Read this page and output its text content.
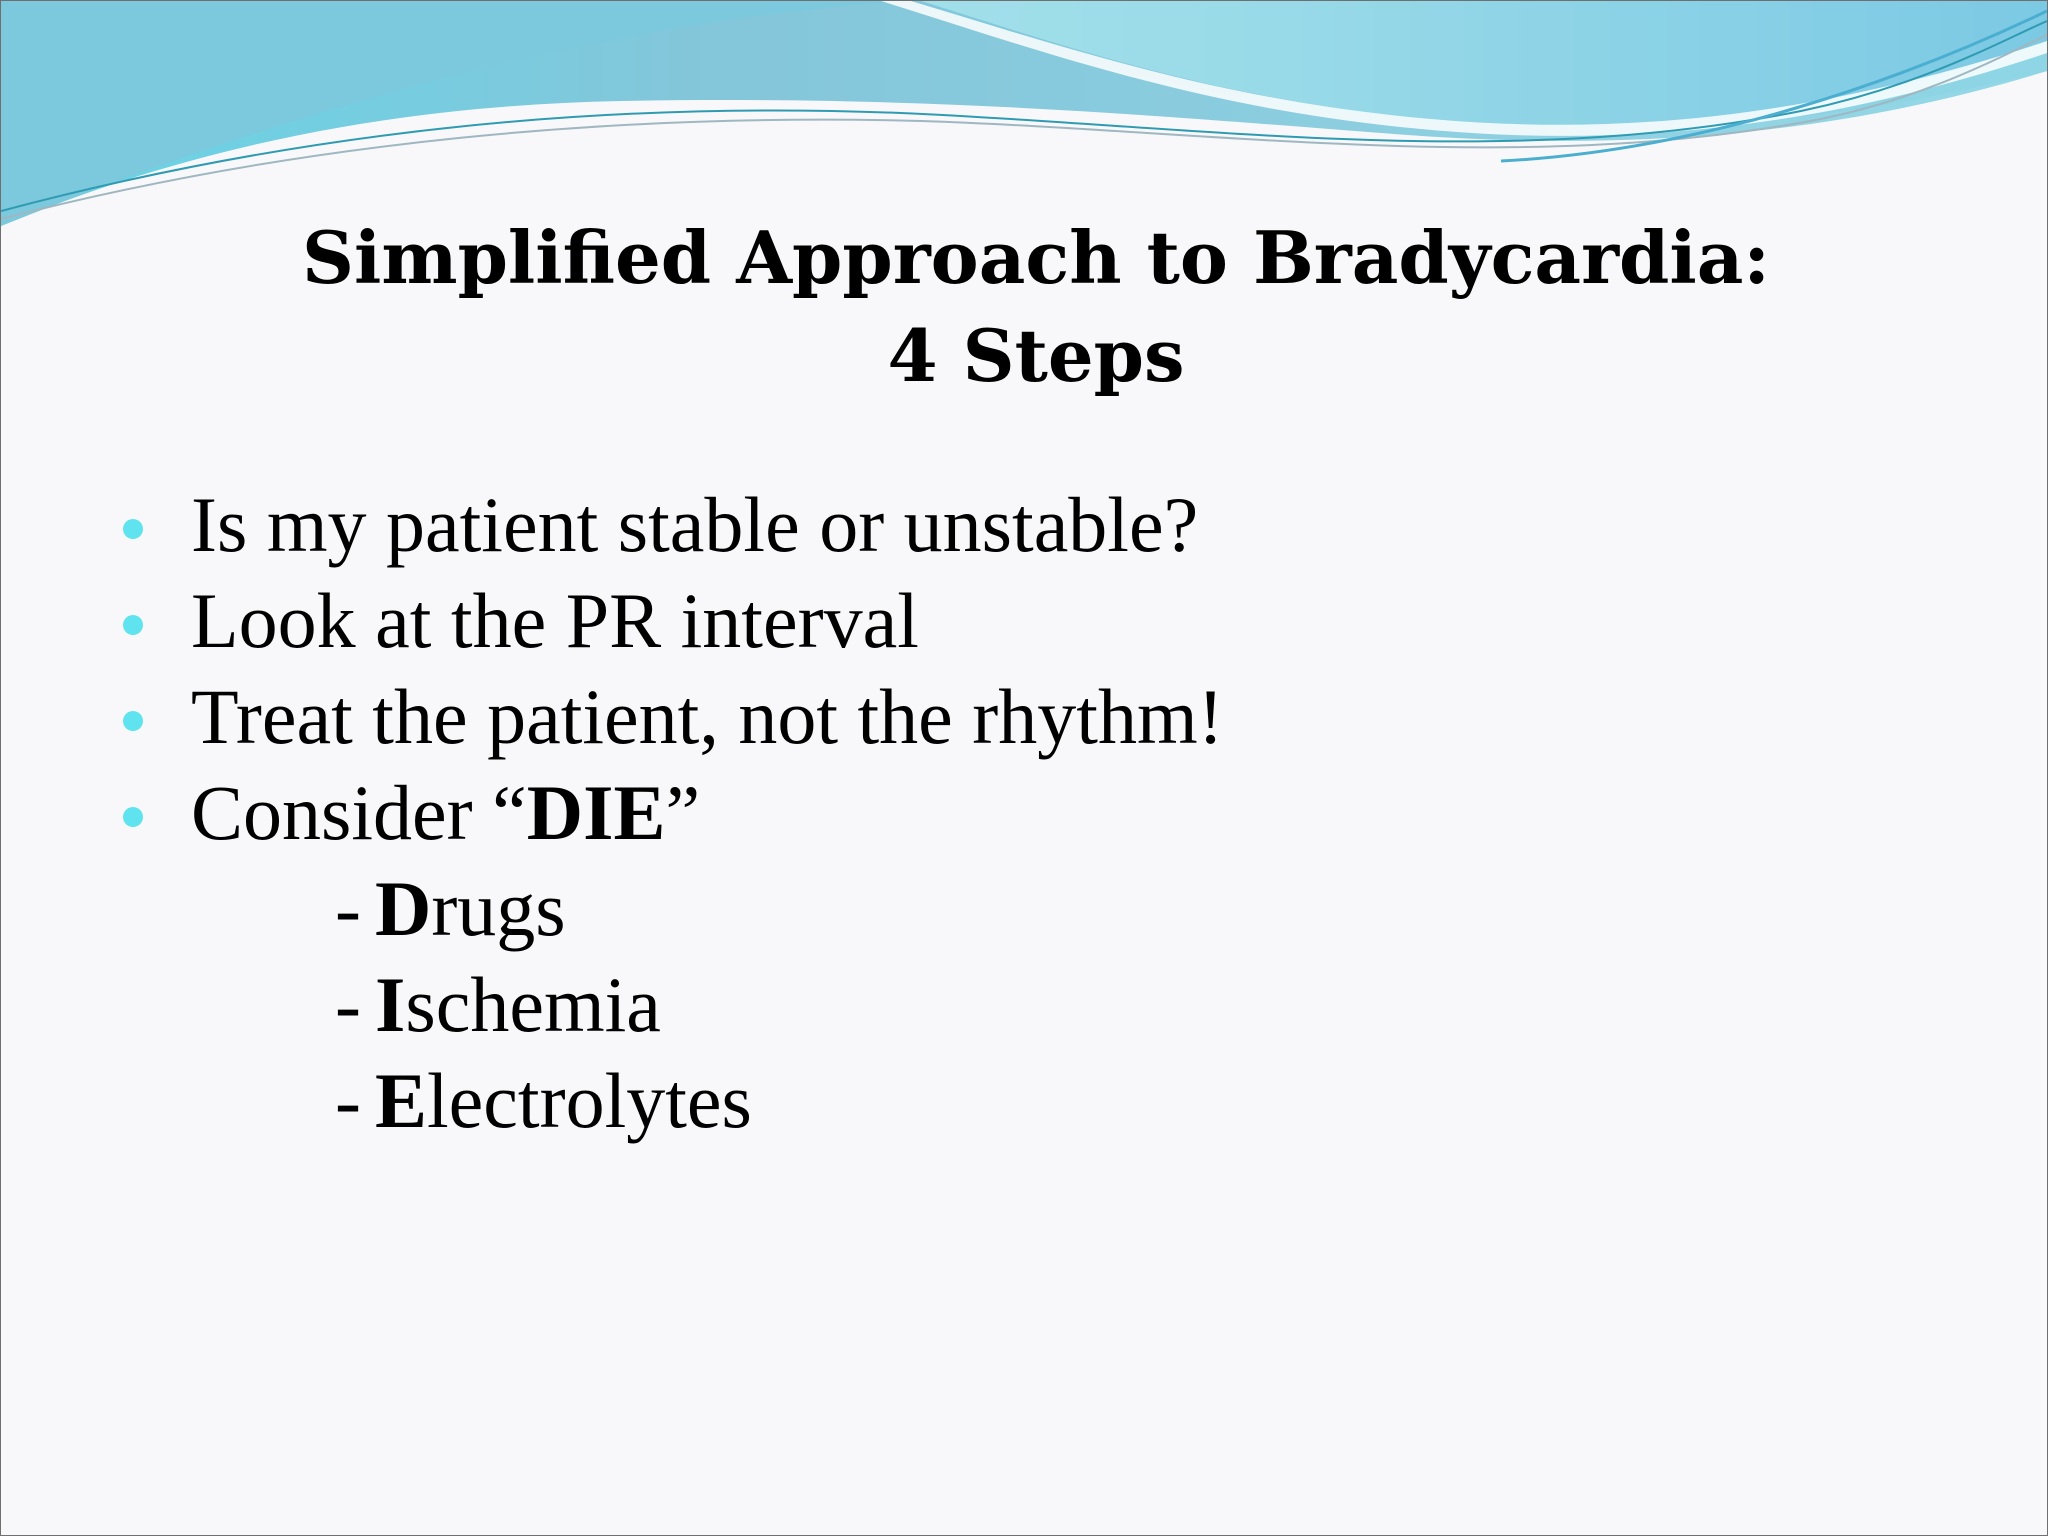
Simplified Approach to Bradycardia:
4 Steps
Is my patient stable or unstable?
Look at the PR interval
Treat the patient, not the rhythm!
Consider “DIE”
- Drugs
- Ischemia
- Electrolytes
